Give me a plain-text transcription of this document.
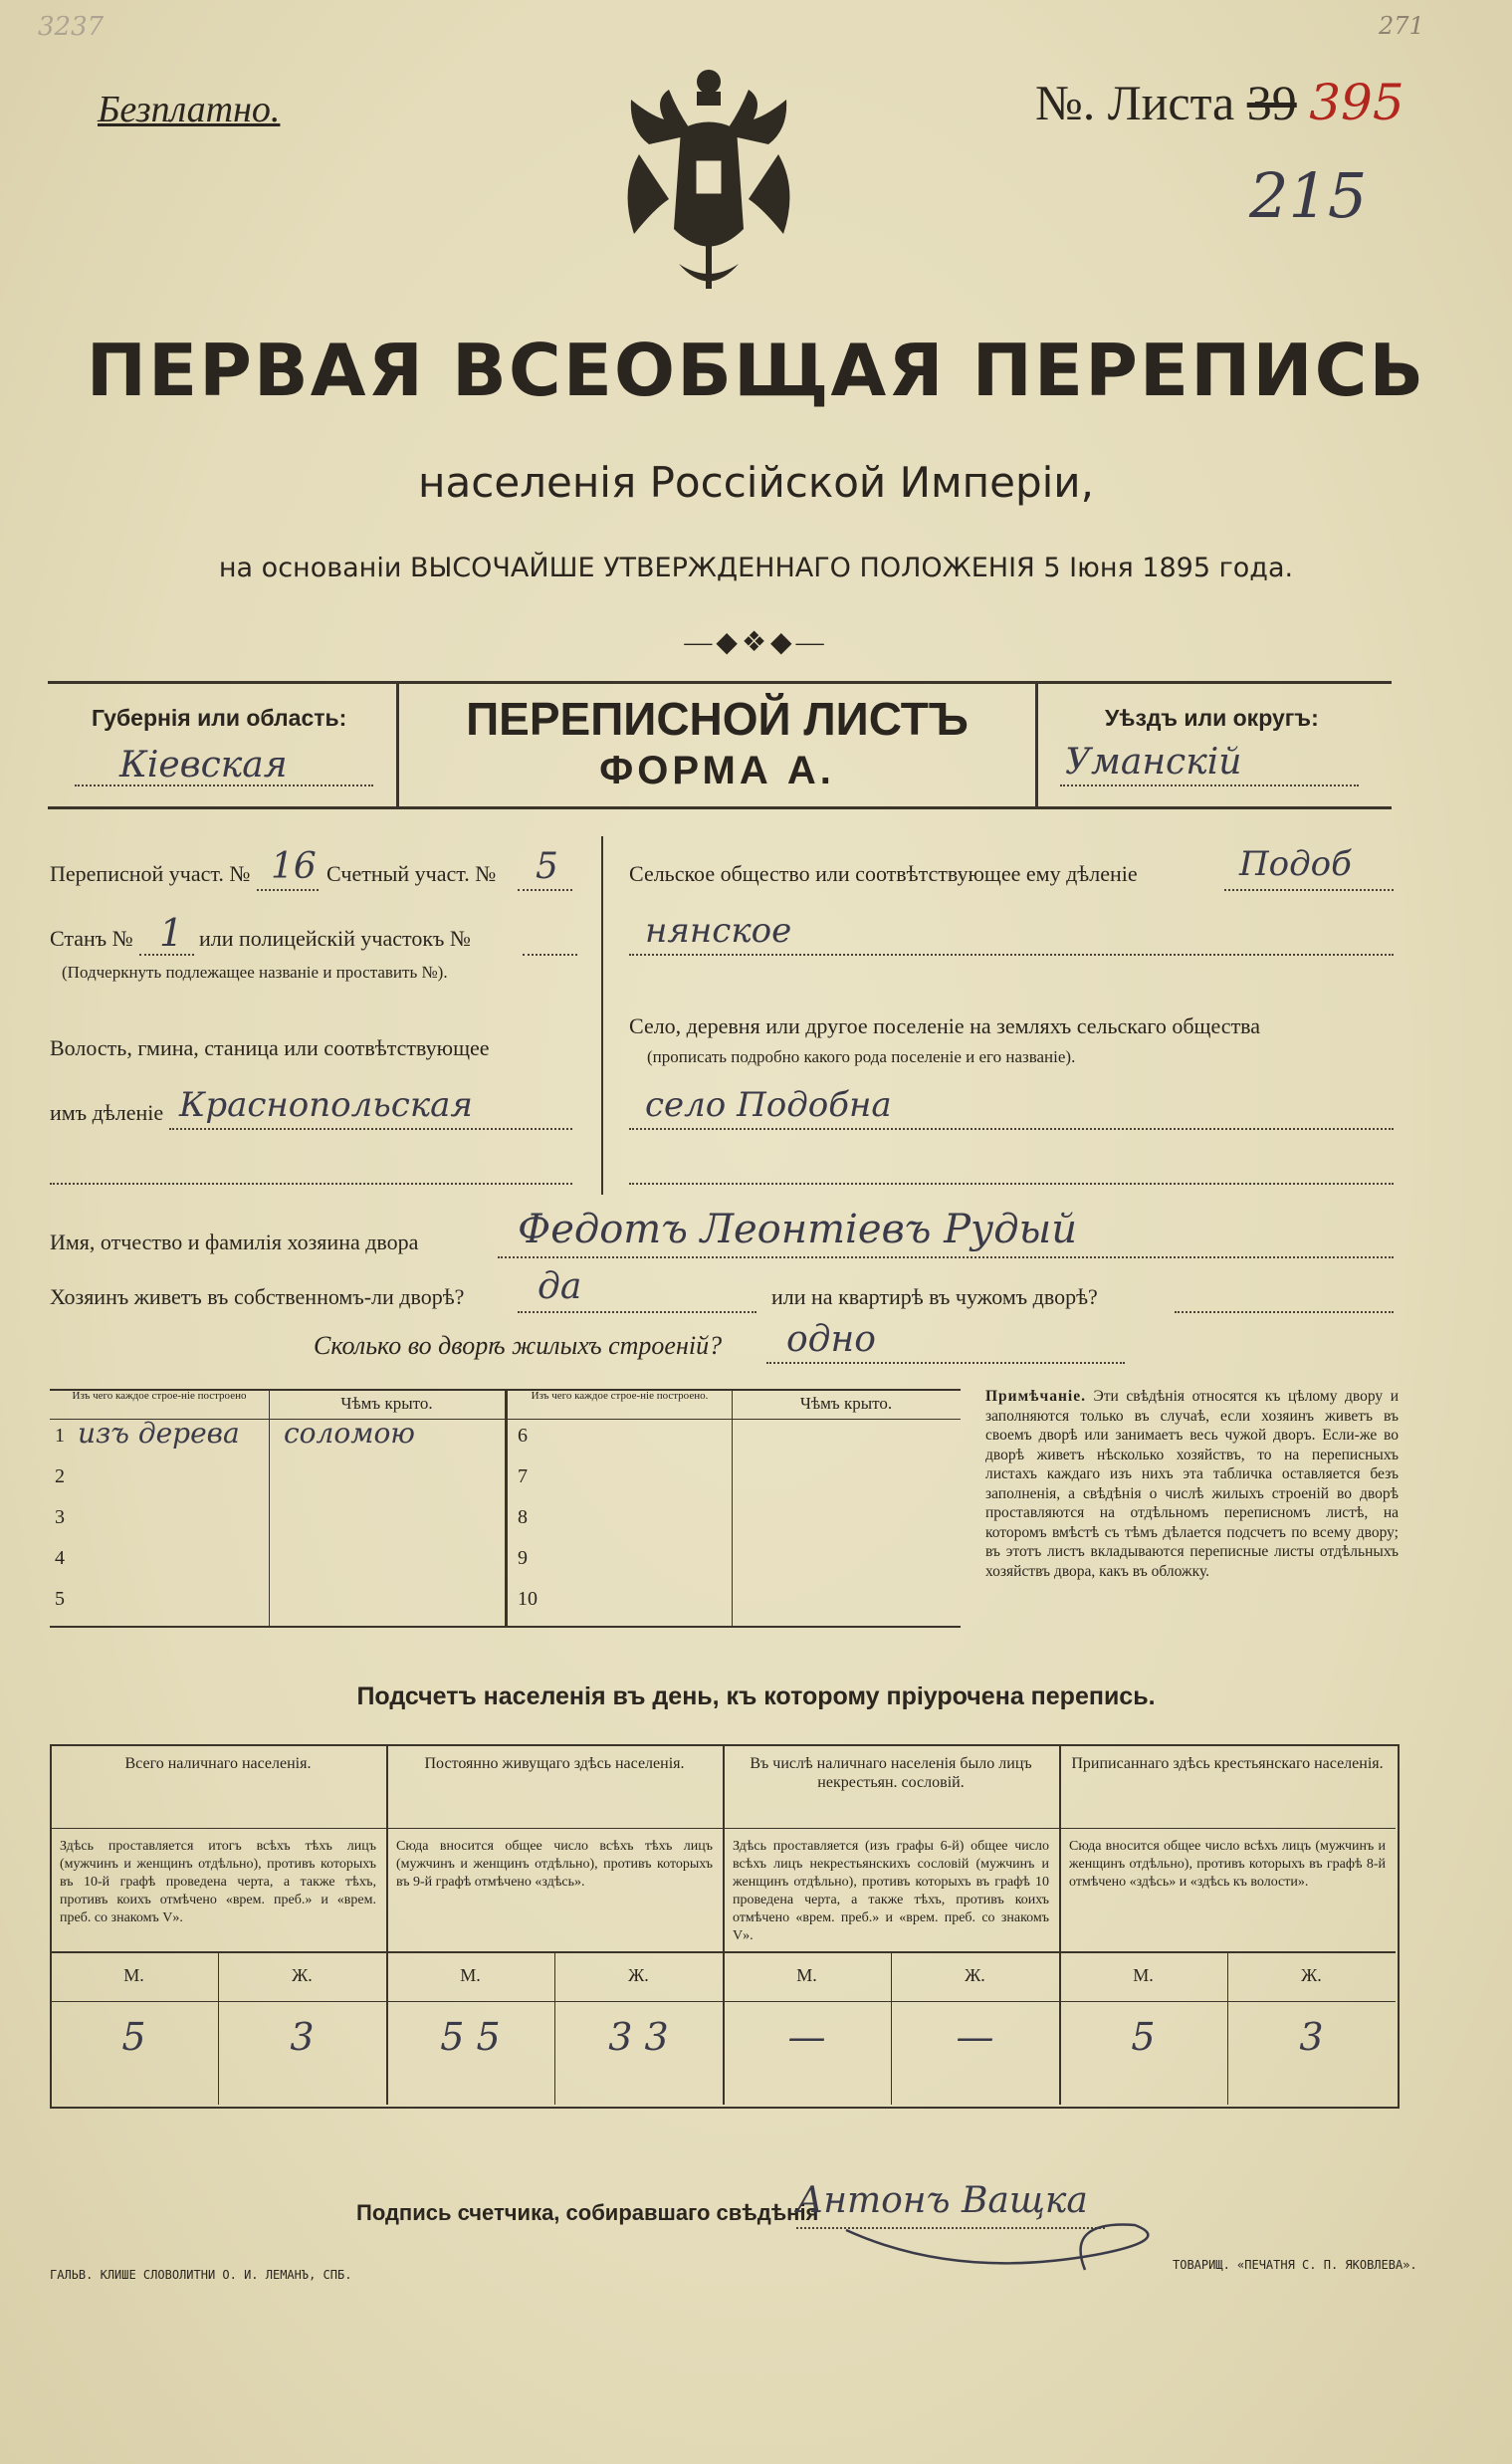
3237
Безплатно.	№. Листа 39 395
271
215
ПЕРВАЯ ВСЕОБЩАЯ ПЕРЕПИСЬ
населенія Россійской Имперіи,
на основаніи ВЫСОЧАЙШЕ УТВЕРЖДЕННАГО ПОЛОЖЕНІЯ 5 Іюня 1895 года.
―◆❖◆―
Губернія или область:
Кіевская
ПЕРЕПИСНОЙ ЛИСТЪ
ФОРМА А.
Уѣздъ или округъ:
Уманскій
Переписной участ. № 16 Счетный участ. № 5
Станъ № 1 или полицейскій участокъ №
(Подчеркнуть подлежащее названіе и проставить №).
Волость, гмина, станица или соотвѣтствующее
имъ дѣленіе Краснопольская
Сельское общество или соотвѣтствующее ему дѣленіе	Подоб
нянское
Село, деревня или другое поселеніе на земляхъ сельскаго общества
(прописать подробно какого рода поселеніе и его названіе).
село Подобна
Имя, отчество и фамилія хозяина двора Федотъ Леонтіевъ Рудый
Хозяинъ живетъ въ собственномъ-ли дворѣ? да	или на квартирѣ въ чужомъ дворѣ?
Сколько во дворѣ жилыхъ строеній? одно
Изъ чего каждое строе-ніе построено	Чѣмъ крыто.	Изъ чего каждое строе-ніе построено.	Чѣмъ крыто.
1 изъ дерева соломою
2
3
4
5
6
7
8
9
10
Примѣчаніе. Эти свѣдѣнія относятся къ цѣлому двору и заполняются только въ случаѣ, если хозяинъ живетъ въ своемъ дворѣ или занимаетъ весь чужой дворъ. Если-же во дворѣ живетъ нѣсколько хозяйствъ, то на переписныхъ листахъ каждаго изъ нихъ эта табличка оставляется безъ заполненія, а свѣдѣнія о числѣ жилыхъ строеній во дворѣ проставляются на отдѣльномъ переписномъ листѣ, на которомъ вмѣстѣ съ тѣмъ дѣлается подсчетъ по всему двору; въ этотъ листъ вкладываются переписные листы отдѣльныхъ хозяйствъ двора, какъ въ обложку.
Подсчетъ населенія въ день, къ которому пріурочена перепись.
Всего наличнаго населенія.
Здѣсь проставляется итогъ всѣхъ тѣхъ лицъ (мужчинъ и женщинъ отдѣльно), противъ которыхъ въ 10-й графѣ проведена черта, а также тѣхъ, противъ коихъ отмѣчено «врем. преб.» и «врем. преб. со знакомъ V».
М.	Ж.
5	3
Постоянно живущаго здѣсь населенія.
Сюда вносится общее число всѣхъ тѣхъ лицъ (мужчинъ и женщинъ отдѣльно), противъ которыхъ въ 9-й графѣ отмѣчено «здѣсь».
М.	Ж.
5 5	3 3
Въ числѣ наличнаго населенія было лицъ некрестьян. сословій.
Здѣсь проставляется (изъ графы 6-й) общее число всѣхъ лицъ некрестьянскихъ сословій (мужчинъ и женщинъ отдѣльно), противъ которыхъ въ графѣ 10 проведена черта, а также тѣхъ, противъ коихъ отмѣчено «врем. преб.» и «врем. преб. со знакомъ V».
М.	Ж.
—	—
Приписаннаго здѣсь крестьянскаго населенія.
Сюда вносится общее число всѣхъ лицъ (мужчинъ и женщинъ отдѣльно), противъ которыхъ въ графѣ 8-й отмѣчено «здѣсь» и «здѣсь къ волости».
М.	Ж.
5	3
Подпись счетчика, собиравшаго свѣдѣнія
Антонъ Ващка
ГАЛЬВ. КЛИШЕ СЛОВОЛИТНИ О. И. ЛЕМАНЪ, СПБ.
ТОВАРИЩ. «ПЕЧАТНЯ С. П. ЯКОВЛЕВА».
